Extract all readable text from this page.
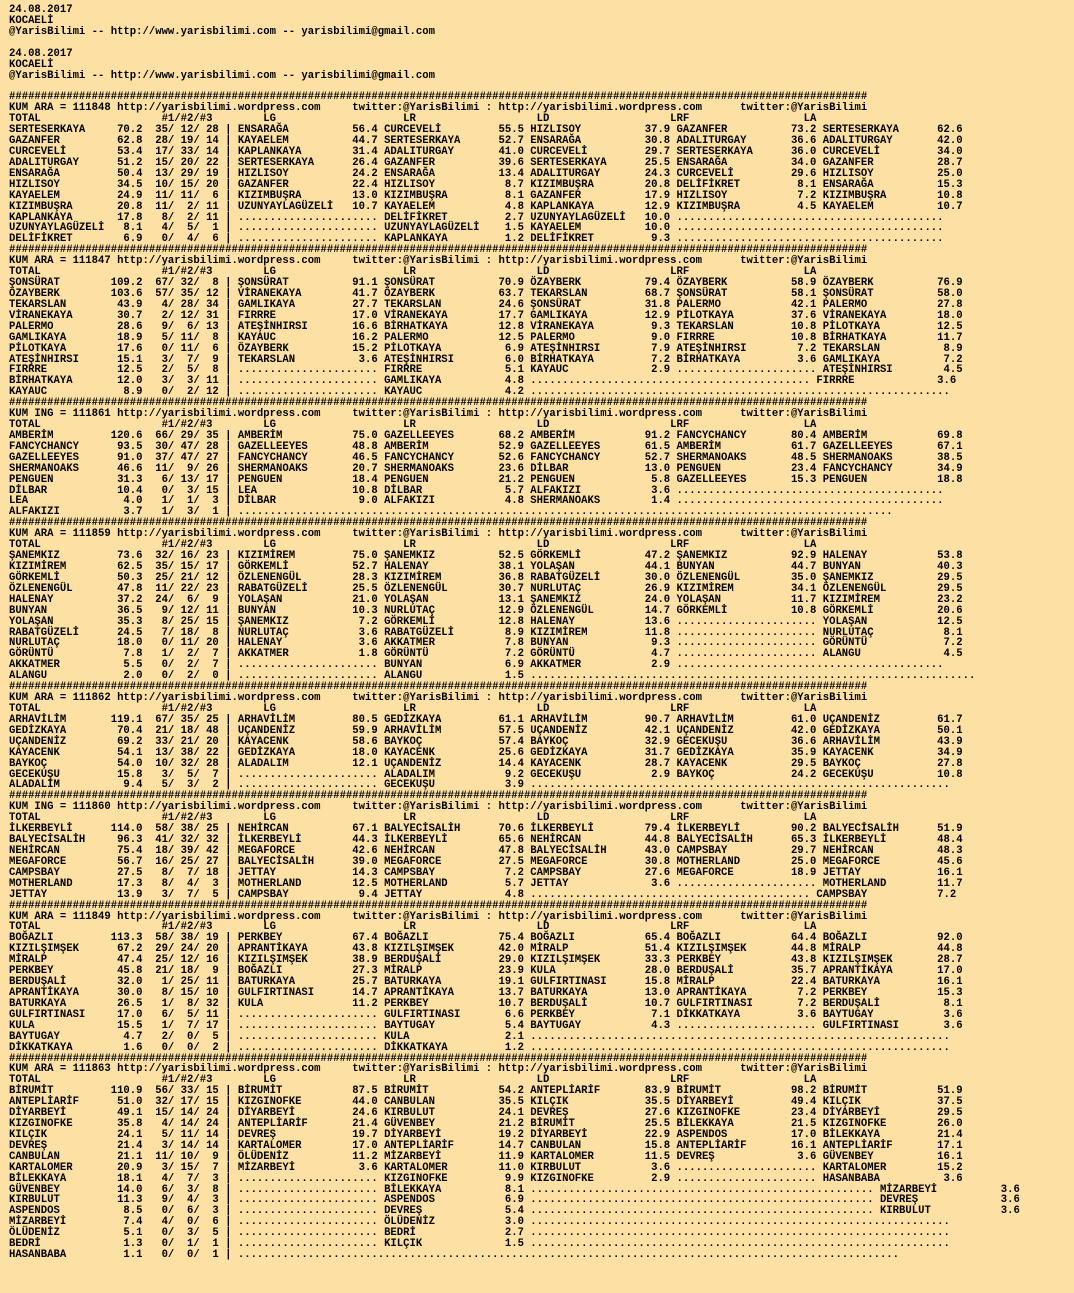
24.08.2017
KOCAELİ
@YarisBilimi -- http://www.yarisbilimi.com -- yarisbilimi@gmail.com

24.08.2017
KOCAELİ
@YarisBilimi -- http://www.yarisbilimi.com -- yarisbilimi@gmail.com

#######################################################################################################################################
KUM ARA = 111848 http://yarisbilimi.wordpress.com     twitter:@YarisBilimi : http://yarisbilimi.wordpress.com      twitter:@YarisBilimi
TOTAL                   #1/#2/#3        LG                    LR                   LD                   LRF                  LA
SERTESERKAYA     70.2  35/ 12/ 28 | ENSARAĞA          56.4 CURCEVELİ         55.5 HIZLISOY          37.9 GAZANFER          73.2 SERTESERKAYA      62.6
GAZANFER         62.8  28/ 19/ 14 | KAYAELEM          44.7 SERTESERKAYA      52.7 ENSARAĞA          30.8 ADALITURGAY       36.6 ADALITURGAY       42.0
CURCEVELİ        53.4  17/ 33/ 14 | KAPLANKAYA        31.4 ADALITURGAY       41.0 CURCEVELİ         29.7 SERTESERKAYA      36.0 CURCEVELİ         34.0
ADALITURGAY      51.2  15/ 20/ 22 | SERTESERKAYA      26.4 GAZANFER          39.6 SERTESERKAYA      25.5 ENSARAĞA          34.0 GAZANFER          28.7
ENSARAĞA         50.4  13/ 29/ 19 | HIZLISOY          24.2 ENSARAĞA          13.4 ADALITURGAY       24.3 CURCEVELİ         29.6 HIZLISOY          25.0
HIZLISOY         34.5  10/ 15/ 20 | GAZANFER          22.4 HIZLISOY           8.7 KIZIMBUŞRA        20.8 DELİFİKRET         8.1 ENSARAĞA          15.3
KAYAELEM         24.9  11/ 11/  6 | KIZIMBUŞRA        13.0 KIZIMBUŞRA         8.1 GAZANFER          17.9 HIZLISOY           7.2 KIZIMBUŞRA        10.8
KIZIMBUŞRA       20.8  11/  2/ 11 | UZUNYAYLAGÜZELİ   10.7 KAYAELEM           4.8 KAPLANKAYA        12.9 KIZIMBUŞRA         4.5 KAYAELEM          10.7
KAPLANKAYA       17.8   8/  2/ 11 | ...................... DELİFİKRET         2.7 UZUNYAYLAGÜZELİ   10.0 ..........................................
UZUNYAYLAGÜZELİ   8.1   4/  5/  1 | ...................... UZUNYAYLAGÜZELİ    1.5 KAYAELEM          10.0 ..........................................
DELİFİKRET        6.9   0/  4/  6 | ...................... KAPLANKAYA         1.2 DELİFİKRET         9.3 ..........................................
#######################################################################################################################################
KUM ARA = 111847 http://yarisbilimi.wordpress.com     twitter:@YarisBilimi : http://yarisbilimi.wordpress.com      twitter:@YarisBilimi
TOTAL                   #1/#2/#3        LG                    LR                   LD                   LRF                  LA
ŞONSÜRAT        109.2  67/ 32/  8 | ŞONSÜRAT          91.1 ŞONSÜRAT          70.9 ÖZAYBERK          79.4 ÖZAYBERK          58.9 ÖZAYBERK          76.9
ÖZAYBERK        103.6  57/ 35/ 12 | VİRANEKAYA        41.7 ÖZAYBERK          63.7 TEKARSLAN         68.7 ŞONSÜRAT          58.1 ŞONSÜRAT          58.0
TEKARSLAN        43.9   4/ 28/ 34 | GAMLIKAYA         27.7 TEKARSLAN         24.6 ŞONSÜRAT          31.8 PALERMO           42.1 PALERMO           27.8
VİRANEKAYA       30.7   2/ 12/ 31 | FIRRRE            17.0 VİRANEKAYA        17.7 GAMLIKAYA         12.9 PİLOTKAYA         37.6 VİRANEKAYA        18.0
PALERMO          28.6   9/  6/ 13 | ATEŞİNHIRSI       16.6 BİRHATKAYA        12.8 VİRANEKAYA         9.3 TEKARSLAN         10.8 PİLOTKAYA         12.5
GAMLIKAYA        18.9   5/ 11/  8 | KAYAUC            16.2 PALERMO           12.5 PALERMO            9.0 FIRRRE            10.8 BİRHATKAYA        11.7
PİLOTKAYA        17.6   0/ 11/  6 | ÖZAYBERK          15.2 PİLOTKAYA          6.9 ATEŞİNHIRSI        7.9 ATEŞİNHIRSI        7.2 TEKARSLAN          8.9
ATEŞİNHIRSI      15.1   3/  7/  9 | TEKARSLAN          3.6 ATEŞİNHIRSI        6.0 BİRHATKAYA         7.2 BİRHATKAYA         3.6 GAMLIKAYA          7.2
FIRRRE           12.5   2/  5/  8 | ...................... FIRRRE             5.1 KAYAUC             2.9 ...................... ATEŞİNHIRSI        4.5
BİRHATKAYA       12.0   3/  3/ 11 | ...................... GAMLIKAYA          4.8 ............................................ FIRRRE             3.6
KAYAUC            8.9   0/  2/ 12 | ...................... KAYAUC             4.2 ..................................................................
#######################################################################################################################################
KUM ING = 111861 http://yarisbilimi.wordpress.com     twitter:@YarisBilimi : http://yarisbilimi.wordpress.com      twitter:@YarisBilimi
TOTAL                   #1/#2/#3        LG                    LR                   LD                   LRF                  LA
AMBERİM         120.6  66/ 29/ 35 | AMBERİM           75.0 GAZELLEEYES       68.2 AMBERİM           91.2 FANCYCHANCY       80.4 AMBERİM           69.8
FANCYCHANCY      93.5  30/ 47/ 28 | GAZELLEEYES       48.8 AMBERİM           52.9 GAZELLEEYES       61.5 AMBERİM           61.7 GAZELLEEYES       67.1
GAZELLEEYES      91.0  37/ 47/ 27 | FANCYCHANCY       46.5 FANCYCHANCY       52.6 FANCYCHANCY       52.7 SHERMANOAKS       48.5 SHERMANOAKS       38.5
SHERMANOAKS      46.6  11/  9/ 26 | SHERMANOAKS       20.7 SHERMANOAKS       23.6 DİLBAR            13.0 PENGUEN           23.4 FANCYCHANCY       34.9
PENGUEN          31.3   6/ 13/ 17 | PENGUEN           18.4 PENGUEN           21.2 PENGUEN            5.8 GAZELLEEYES       15.3 PENGUEN           18.8
DİLBAR           10.4   0/  3/ 15 | LEA               10.8 DİLBAR             5.7 ALFAKIZI           3.6 ..........................................
LEA               4.0   1/  1/  3 | DİLBAR             9.0 ALFAKIZI           4.8 SHERMANOAKS        1.4 ..........................................
ALFAKIZI          3.7   1/  3/  1 | .......................................................................................................
#######################################################################################################################################
KUM ARA = 111859 http://yarisbilimi.wordpress.com     twitter:@YarisBilimi : http://yarisbilimi.wordpress.com      twitter:@YarisBilimi
TOTAL                   #1/#2/#3        LG                    LR                   LD                   LRF                  LA
ŞANEMKIZ         73.6  32/ 16/ 23 | KIZIMİREM         75.0 ŞANEMKIZ          52.5 GÖRKEMLİ          47.2 ŞANEMKIZ          92.9 HALENAY           53.8
KIZIMİREM        62.5  35/ 15/ 17 | GÖRKEMLİ          52.7 HALENAY           38.1 YOLAŞAN           44.1 BUNYAN            44.7 BUNYAN            40.3
GÖRKEMLİ         50.3  25/ 21/ 12 | ÖZLENENGÜL        28.3 KIZIMİREM         36.8 RABATGÜZELİ       30.0 ÖZLENENGÜL        35.0 ŞANEMKIZ          29.5
ÖZLENENGÜL       47.8  11/ 22/ 23 | RABATGÜZELİ       25.5 ÖZLENENGÜL        30.7 NURLUTAÇ          26.9 KIZIMİREM         34.1 ÖZLENENGÜL        29.5
HALENAY          37.2  24/  6/  9 | YOLAŞAN           21.0 YOLAŞAN           13.1 ŞANEMKIZ          24.0 YOLAŞAN           11.7 KIZIMİREM         23.2
BUNYAN           36.5   9/ 12/ 11 | BUNYAN            10.3 NURLUTAÇ          12.9 ÖZLENENGÜL        14.7 GÖRKEMLİ          10.8 GÖRKEMLİ          20.6
YOLAŞAN          35.3   8/ 25/ 15 | ŞANEMKIZ           7.2 GÖRKEMLİ          12.8 HALENAY           13.6 ...................... YOLAŞAN           12.5
RABATGÜZELİ      24.5   7/ 18/  8 | NURLUTAÇ           3.6 RABATGÜZELİ        8.9 KIZIMİREM         11.8 ...................... NURLUTAÇ           8.1
NURLUTAÇ         18.0   0/ 11/ 20 | HALENAY            3.6 AKKATMER           7.8 BUNYAN             9.3 ...................... GÖRÜNTÜ            7.2
GÖRÜNTÜ           7.8   1/  2/  7 | AKKATMER           1.8 GÖRÜNTÜ            7.2 GÖRÜNTÜ            4.7 ...................... ALANGU             4.5
AKKATMER          5.5   0/  2/  7 | ...................... BUNYAN             6.9 AKKATMER           2.9 ..........................................
ALANGU            2.0   0/  2/  0 | ...................... ALANGU             1.5 ......................................................................
#######################################################################################################################################
KUM ARA = 111862 http://yarisbilimi.wordpress.com     twitter:@YarisBilimi : http://yarisbilimi.wordpress.com      twitter:@YarisBilimi
TOTAL                   #1/#2/#3        LG                    LR                   LD                   LRF                  LA
ARHAVİLİM       119.1  67/ 35/ 25 | ARHAVİLİM         80.5 GEDİZKAYA         61.1 ARHAVİLİM         90.7 ARHAVİLİM         61.0 UÇANDENİZ         61.7
GEDİZKAYA        70.4  21/ 18/ 48 | UÇANDENİZ         59.9 ARHAVİLİM         57.5 UÇANDENİZ         42.1 UÇANDENİZ         42.0 GEDİZKAYA         50.1
UÇANDENİZ        69.2  33/ 21/ 20 | KAYACENK          58.6 BAYKOÇ            57.4 BAYKOÇ            32.9 GECEKUŞU          36.6 ARHAVİLİM         43.9
KAYACENK         54.1  13/ 38/ 22 | GEDİZKAYA         18.0 KAYACENK          25.6 GEDİZKAYA         31.7 GEDİZKAYA         35.9 KAYACENK          34.9
BAYKOÇ           54.0  10/ 32/ 28 | ALADALIM          12.1 UÇANDENİZ         14.4 KAYACENK          28.7 KAYACENK          29.5 BAYKOÇ            27.8
GECEKUŞU         15.8   3/  5/  7 | ...................... ALADALIM           9.2 GECEKUŞU           2.9 BAYKOÇ            24.2 GECEKUŞU          10.8
ALADALIM          9.4   5/  3/  2 | ...................... GECEKUŞU           3.9 ..................................................................
#######################################################################################################################################
KUM ING = 111860 http://yarisbilimi.wordpress.com     twitter:@YarisBilimi : http://yarisbilimi.wordpress.com      twitter:@YarisBilimi
TOTAL                   #1/#2/#3        LG                    LR                   LD                   LRF                  LA
İLKERBEYLİ      114.0  58/ 38/ 25 | NEHİRCAN          67.1 BALYECİSALİH      70.6 İLKERBEYLİ        79.4 İLKERBEYLİ        90.2 BALYECİSALİH      51.9
BALYECİSALİH     96.3  41/ 32/ 32 | İLKERBEYLİ        44.3 İLKERBEYLİ        65.6 NEHİRCAN          44.8 BALYECİSALİH      65.3 İLKERBEYLİ        48.4
NEHİRCAN         75.4  18/ 39/ 42 | MEGAFORCE         42.6 NEHİRCAN          47.8 BALYECİSALİH      43.0 CAMPSBAY          29.7 NEHİRCAN          48.3
MEGAFORCE        56.7  16/ 25/ 27 | BALYECİSALİH      39.0 MEGAFORCE         27.5 MEGAFORCE         30.8 MOTHERLAND        25.0 MEGAFORCE         45.6
CAMPSBAY         27.5   8/  7/ 18 | JETTAY            14.3 CAMPSBAY           7.2 CAMPSBAY          27.6 MEGAFORCE         18.9 JETTAY            16.1
MOTHERLAND       17.3   8/  4/  3 | MOTHERLAND        12.5 MOTHERLAND         5.7 JETTAY             3.6 ...................... MOTHERLAND        11.7
JETTAY           13.9   3/  7/  5 | CAMPSBAY           9.4 JETTAY             4.8 ............................................ CAMPSBAY           7.2
#######################################################################################################################################
KUM ARA = 111849 http://yarisbilimi.wordpress.com     twitter:@YarisBilimi : http://yarisbilimi.wordpress.com      twitter:@YarisBilimi
TOTAL                   #1/#2/#3        LG                    LR                   LD                   LRF                  LA
BOĞAZLI         113.3  58/ 38/ 19 | PERKBEY           67.4 BOĞAZLI           75.4 BOĞAZLI           65.4 BOĞAZLI           64.4 BOĞAZLI           92.0
KIZILŞIMŞEK      67.2  29/ 24/ 20 | APRANTİKAYA       43.8 KIZILŞIMŞEK       42.0 MİRALP            51.4 KIZILŞIMŞEK       44.8 MİRALP            44.8
MİRALP           47.4  25/ 12/ 16 | KIZILŞIMŞEK       38.9 BERDUŞALİ         29.0 KIZILŞIMŞEK       33.3 PERKBEY           43.8 KIZILŞIMŞEK       28.7
PERKBEY          45.8  21/ 18/  9 | BOĞAZLI           27.3 MİRALP            23.9 KULA              28.0 BERDUŞALİ         35.7 APRANTİKAYA       17.0
BERDUŞALİ        32.0   1/ 25/ 11 | BATURKAYA         25.7 BATURKAYA         19.1 GULFIRTINASI      15.8 MİRALP            22.4 BATURKAYA         16.1
APRANTİKAYA      30.0   8/ 15/ 10 | GULFIRTINASI      14.7 APRANTİKAYA       13.7 BATURKAYA         13.0 APRANTİKAYA        7.2 PERKBEY           15.3
BATURKAYA        26.5   1/  8/ 32 | KULA              11.2 PERKBEY           10.7 BERDUŞALİ         10.7 GULFIRTINASI       7.2 BERDUŞALİ          8.1
GULFIRTINASI     17.0   6/  5/ 11 | ...................... GULFIRTINASI       6.6 PERKBEY            7.1 DİKKATKAYA         3.6 BAYTUGAY           3.6
KULA             15.5   1/  7/ 17 | ...................... BAYTUGAY           5.4 BAYTUGAY           4.3 ...................... GULFIRTINASI       3.6
BAYTUGAY          4.7   2/  0/  5 | ...................... KULA               2.1 ..................................................................
DİKKATKAYA        1.6   0/  0/  2 | ...................... DİKKATKAYA         1.2 ..................................................................
#######################################################################################################################################
KUM ARA = 111863 http://yarisbilimi.wordpress.com     twitter:@YarisBilimi : http://yarisbilimi.wordpress.com      twitter:@YarisBilimi
TOTAL                   #1/#2/#3        LG                    LR                   LD                   LRF                  LA
BİRUMİT         110.9  56/ 33/ 15 | BİRUMİT           87.5 BİRUMİT           54.2 ANTEPLİARİF       83.9 BİRUMİT           98.2 BİRUMİT           51.9
ANTEPLİARİF      51.0  32/ 17/ 15 | KIZGINOFKE        44.0 CANBULAN          35.5 KILÇIK            35.5 DİYARBEYİ         49.4 KILÇIK            37.5
DİYARBEYİ        49.1  15/ 14/ 24 | DİYARBEYİ         24.6 KIRBULUT          24.1 DEVREŞ            27.6 KIZGINOFKE        23.4 DİYARBEYİ         29.5
KIZGINOFKE       35.8   4/ 14/ 24 | ANTEPLİARİF       21.4 GÜVENBEY          21.2 BİRUMİT           25.5 BİLEKKAYA         21.5 KIZGINOFKE        26.0
KILÇIK           24.1   5/ 11/ 14 | DEVREŞ            19.7 DİYARBEYİ         19.2 DİYARBEYİ         22.9 ASPENDOS          17.0 BİLEKKAYA         21.4
DEVREŞ           21.4   3/ 14/ 14 | KARTALOMER        17.0 ANTEPLİARİF       14.7 CANBULAN          15.8 ANTEPLİARİF       16.1 ANTEPLİARİF       17.1
CANBULAN         21.1  11/ 10/  9 | ÖLÜDENİZ          11.2 MİZARBEYİ         11.9 KARTALOMER        11.5 DEVREŞ             3.6 GÜVENBEY          16.1
KARTALOMER       20.9   3/ 15/  7 | MİZARBEYİ          3.6 KARTALOMER        11.0 KIRBULUT           3.6 ...................... KARTALOMER        15.2
BİLEKKAYA        18.1   4/  7/  3 | ...................... KIZGINOFKE         9.9 KIZGINOFKE         2.9 ...................... HASANBABA          3.6
GÜVENBEY         14.0   6/  3/  8 | ...................... BİLEKKAYA          8.1 ...................................................... MİZARBEYİ          3.6
KIRBULUT         11.3   9/  4/  3 | ...................... ASPENDOS           6.9 ...................................................... DEVREŞ             3.6
ASPENDOS          8.5   0/  6/  3 | ...................... DEVREŞ             5.4 ...................................................... KIRBULUT           3.6
MİZARBEYİ         7.4   4/  0/  6 | ...................... ÖLÜDENİZ           3.0 ..................................................................
ÖLÜDENİZ          5.1   0/  3/  5 | ...................... BEDRİ              2.7 ..................................................................
BEDRİ             1.3   0/  1/  1 | ...................... KILÇIK             1.5 ..................................................................
HASANBABA         1.1   0/  0/  1 | ........................................................................................................
